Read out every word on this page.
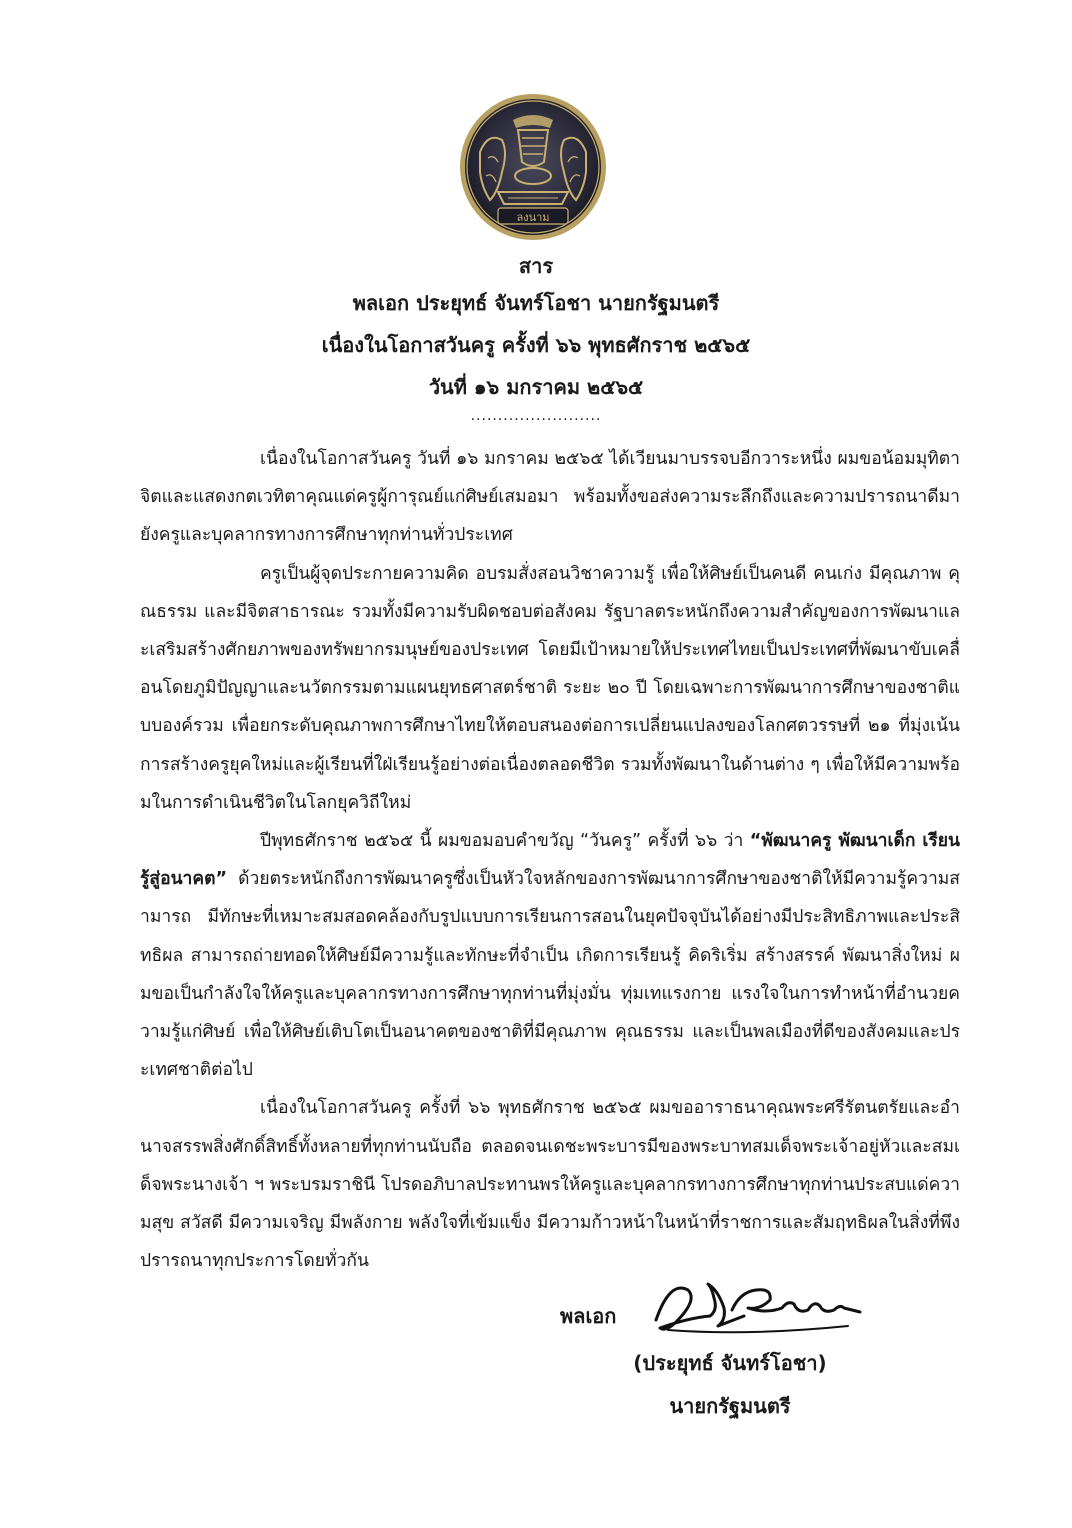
ลงนาม
สาร
พลเอก ประยุทธ์ จันทร์โอชา นายกรัฐมนตรี
เนื่องในโอกาสวันครู ครั้งที่ ๖๖ พุทธศักราช ๒๕๖๕
วันที่ ๑๖ มกราคม ๒๕๖๕
........................

เนื่องในโอกาสวันครู วันที่ ๑๖ มกราคม ๒๕๖๕ ได้เวียนมาบรรจบอีกวาระหนึ่ง ผมขอน้อมมุทิตาจิตและแสดงกตเวทิตาคุณแด่ครูผู้การุณย์แก่ศิษย์เสมอมา พร้อมทั้งขอส่งความระลึกถึงและความปรารถนาดีมายังครูและบุคลากรทางการศึกษาทุกท่านทั่วประเทศ

ครูเป็นผู้จุดประกายความคิด อบรมสั่งสอนวิชาความรู้ เพื่อให้ศิษย์เป็นคนดี คนเก่ง มีคุณภาพ คุณธรรม และมีจิตสาธารณะ รวมทั้งมีความรับผิดชอบต่อสังคม รัฐบาลตระหนักถึงความสำคัญของการพัฒนาและเสริมสร้างศักยภาพของทรัพยากรมนุษย์ของประเทศ โดยมีเป้าหมายให้ประเทศไทยเป็นประเทศที่พัฒนาขับเคลื่อนโดยภูมิปัญญาและนวัตกรรมตามแผนยุทธศาสตร์ชาติ ระยะ ๒๐ ปี โดยเฉพาะการพัฒนาการศึกษาของชาติแบบองค์รวม เพื่อยกระดับคุณภาพการศึกษาไทยให้ตอบสนองต่อการเปลี่ยนแปลงของโลกศตวรรษที่ ๒๑ ที่มุ่งเน้นการสร้างครูยุคใหม่และผู้เรียนที่ใฝ่เรียนรู้อย่างต่อเนื่องตลอดชีวิต รวมทั้งพัฒนาในด้านต่าง ๆ เพื่อให้มีความพร้อมในการดำเนินชีวิตในโลกยุควิถีใหม่

ปีพุทธศักราช ๒๕๖๕ นี้ ผมขอมอบคำขวัญ “วันครู” ครั้งที่ ๖๖ ว่า “พัฒนาครู พัฒนาเด็ก เรียนรู้สู่อนาคต” ด้วยตระหนักถึงการพัฒนาครูซึ่งเป็นหัวใจหลักของการพัฒนาการศึกษาของชาติให้มีความรู้ความสามารถ มีทักษะที่เหมาะสมสอดคล้องกับรูปแบบการเรียนการสอนในยุคปัจจุบันได้อย่างมีประสิทธิภาพและประสิทธิผล สามารถถ่ายทอดให้ศิษย์มีความรู้และทักษะที่จำเป็น เกิดการเรียนรู้ คิดริเริ่ม สร้างสรรค์ พัฒนาสิ่งใหม่ ผมขอเป็นกำลังใจให้ครูและบุคลากรทางการศึกษาทุกท่านที่มุ่งมั่น ทุ่มเทแรงกาย แรงใจในการทำหน้าที่อำนวยความรู้แก่ศิษย์ เพื่อให้ศิษย์เติบโตเป็นอนาคตของชาติที่มีคุณภาพ คุณธรรม และเป็นพลเมืองที่ดีของสังคมและประเทศชาติต่อไป

เนื่องในโอกาสวันครู ครั้งที่ ๖๖ พุทธศักราช ๒๕๖๕ ผมขออาราธนาคุณพระศรีรัตนตรัยและอำนาจสรรพสิ่งศักดิ์สิทธิ์ทั้งหลายที่ทุกท่านนับถือ ตลอดจนเดชะพระบารมีของพระบาทสมเด็จพระเจ้าอยู่หัวและสมเด็จพระนางเจ้า ฯ พระบรมราชินี โปรดอภิบาลประทานพรให้ครูและบุคลากรทางการศึกษาทุกท่านประสบแด่ความสุข สวัสดี มีความเจริญ มีพลังกาย พลังใจที่เข้มแข็ง มีความก้าวหน้าในหน้าที่ราชการและสัมฤทธิผลในสิ่งที่พึงปรารถนาทุกประการโดยทั่วกัน

พลเอก
(ประยุทธ์ จันทร์โอชา)
นายกรัฐมนตรี
